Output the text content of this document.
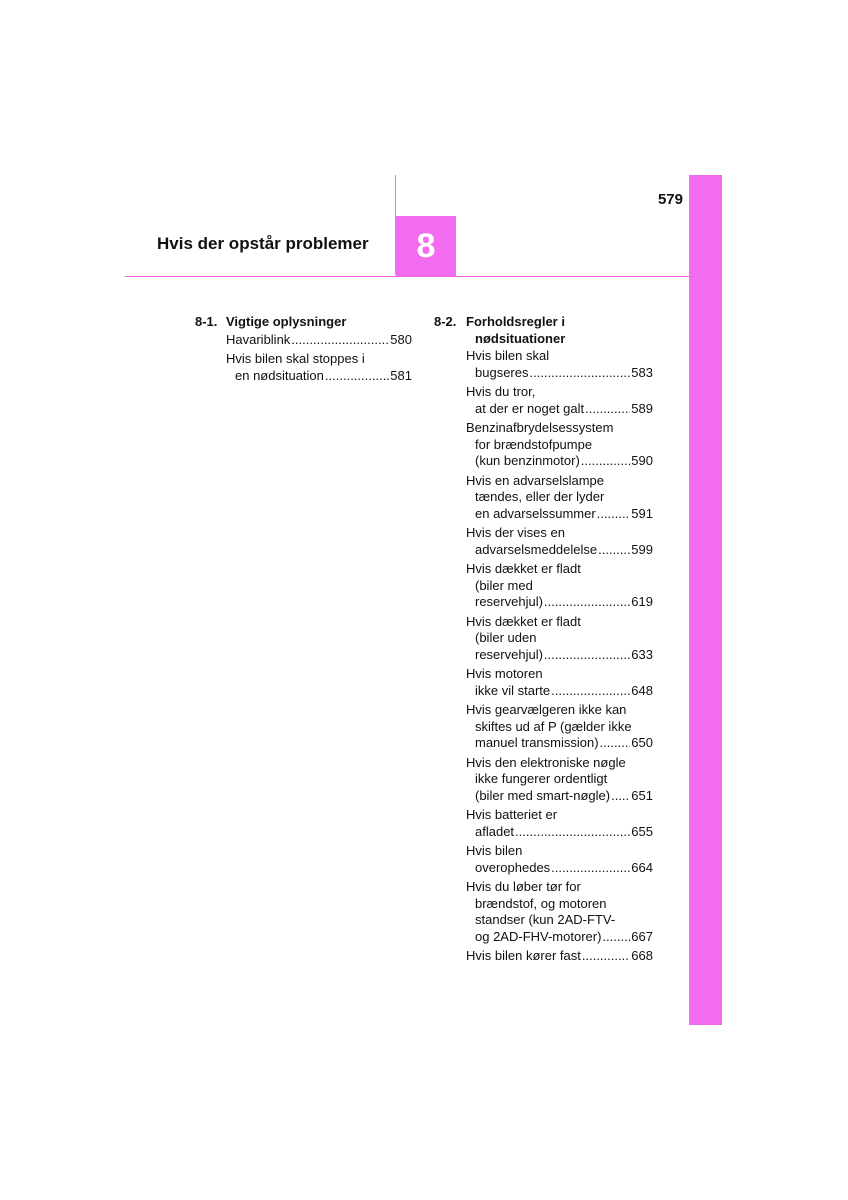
579
8
Hvis der opstår problemer
8-1. Vigtige oplysninger
Havariblink .....	580
Hvis bilen skal stoppes i
en nødsituation .....	581
8-2. Forholdsregler i
nødsituationer
Hvis bilen skal
bugseres .....	583
Hvis du tror,
at der er noget galt .....	589
Benzinafbrydelsessystem
for brændstofpumpe
(kun benzinmotor) .....	590
Hvis en advarselslampe
tændes, eller der lyder
en advarselssummer .....	591
Hvis der vises en
advarselsmeddelelse .....	599
Hvis dækket er fladt
(biler med
reservehjul) .....	619
Hvis dækket er fladt
(biler uden
reservehjul) .....	633
Hvis motoren
ikke vil starte .....	648
Hvis gearvælgeren ikke kan
skiftes ud af P (gælder ikke
manuel transmission) .....	650
Hvis den elektroniske nøgle
ikke fungerer ordentligt
(biler med smart-nøgle) ..... 651
Hvis batteriet er
afladet .....	655
Hvis bilen
overophedes .....	664
Hvis du løber tør for
brændstof, og motoren
standser (kun 2AD-FTV-
og 2AD-FHV-motorer) ..... 667
Hvis bilen kører fast .....	668
